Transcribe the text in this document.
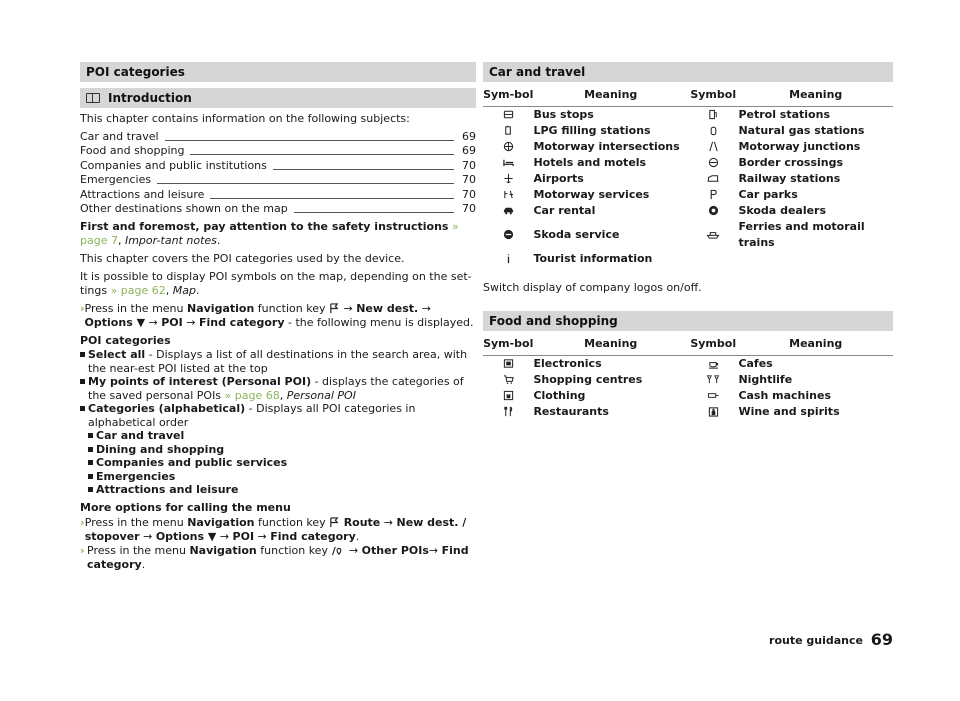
POI categories
Introduction

This chapter contains information on the following subjects:

Car and travel	69
Food and shopping	69
Companies and public institutions	70
Emergencies	70
Attractions and leisure	70
Other destinations shown on the map	70

First and foremost, pay attention to the safety instructions » page 7, Impor-tant notes.

This chapter covers the POI categories used by the device.

It is possible to display POI symbols on the map, depending on the set-tings » page 62, Map.

› Press in the menu Navigation function key → New dest. → Options ▼ → POI → Find category - the following menu is displayed.

POI categories

Select all - Displays a list of all destinations in the search area, with the near-est POI listed at the top
My points of interest (Personal POI) - displays the categories of the saved personal POIs » page 68, Personal POI
Categories (alphabetical) - Displays all POI categories in alphabetical order
Car and travel
Dining and shopping
Companies and public services
Emergencies
Attractions and leisure

More options for calling the menu

› Press in the menu Navigation function key Route → New dest. / stopover → Options ▼ → POI → Find category.
› Press in the menu Navigation function key → Other POIs→ Find category.
Car and travel
Sym-bol	Meaning	Symbol	Meaning
	Bus stops		Petrol stations
	LPG filling stations		Natural gas stations
	Motorway intersections		Motorway junctions
	Hotels and motels		Border crossings
	Airports		Railway stations
	Motorway services		Car parks
	Car rental		Skoda dealers
	Skoda service		Ferries and motorail trains
	Tourist information		

Switch display of company logos on/off.

Food and shopping
Sym-bol	Meaning	Symbol	Meaning
	Electronics		Cafes
	Shopping centres		Nightlife
	Clothing		Cash machines
	Restaurants		Wine and spirits
route guidance 69
